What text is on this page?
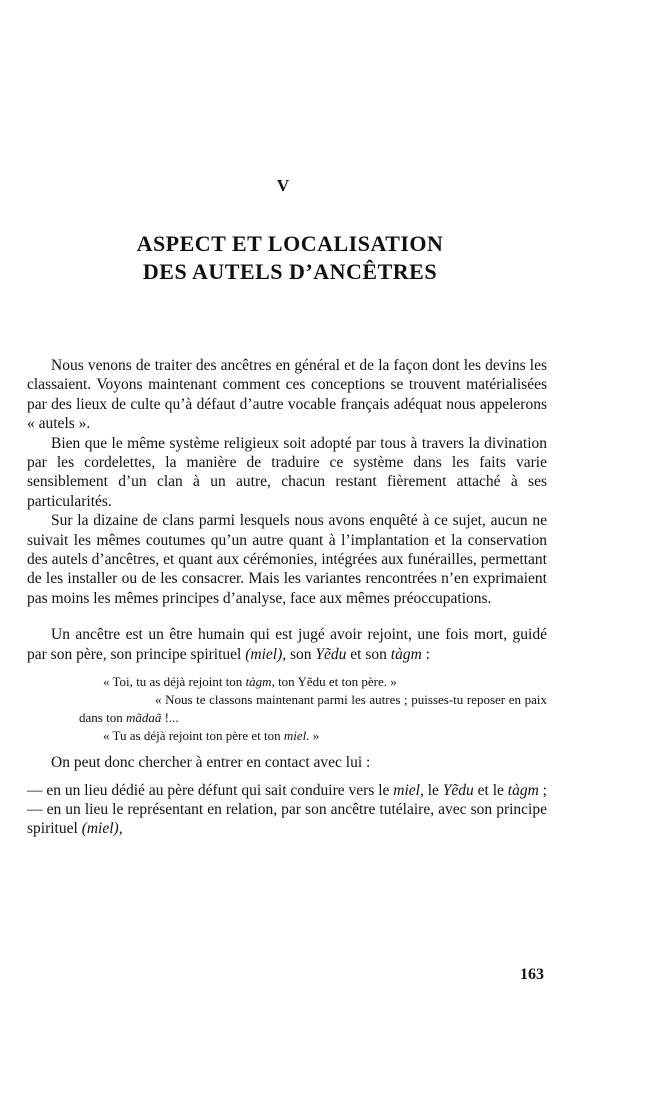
V
ASPECT ET LOCALISATION
DES AUTELS D’ANCÊTRES

Nous venons de traiter des ancêtres en général et de la façon dont les devins les classaient. Voyons maintenant comment ces conceptions se trouvent matérialisées par des lieux de culte qu’à défaut d’autre vocable français adéquat nous appelerons « autels ».

Bien que le même système religieux soit adopté par tous à travers la divination par les cordelettes, la manière de traduire ce système dans les faits varie sensiblement d’un clan à un autre, chacun restant fièrement attaché à ses particularités.

Sur la dizaine de clans parmi lesquels nous avons enquêté à ce sujet, aucun ne suivait les mêmes coutumes qu’un autre quant à l’implantation et la conservation des autels d’ancêtres, et quant aux cérémonies, intégrées aux funérailles, permettant de les installer ou de les consacrer. Mais les variantes rencontrées n’en exprimaient pas moins les mêmes principes d’analyse, face aux mêmes préoccupations.

Un ancêtre est un être humain qui est jugé avoir rejoint, une fois mort, guidé par son père, son principe spirituel (miel), son Yẽdu et son tàgm :

« Toi, tu as déjà rejoint ton tàgm, ton Yẽdu et ton père. »

« Nous te classons maintenant parmi les autres ; puisses-tu reposer en paix dans ton mãdaã !...

« Tu as déjà rejoint ton père et ton miel. »

On peut donc chercher à entrer en contact avec lui :

— en un lieu dédié au père défunt qui sait conduire vers le miel, le Yẽdu et le tàgm ;

— en un lieu le représentant en relation, par son ancêtre tutélaire, avec son principe spirituel (miel),

163
